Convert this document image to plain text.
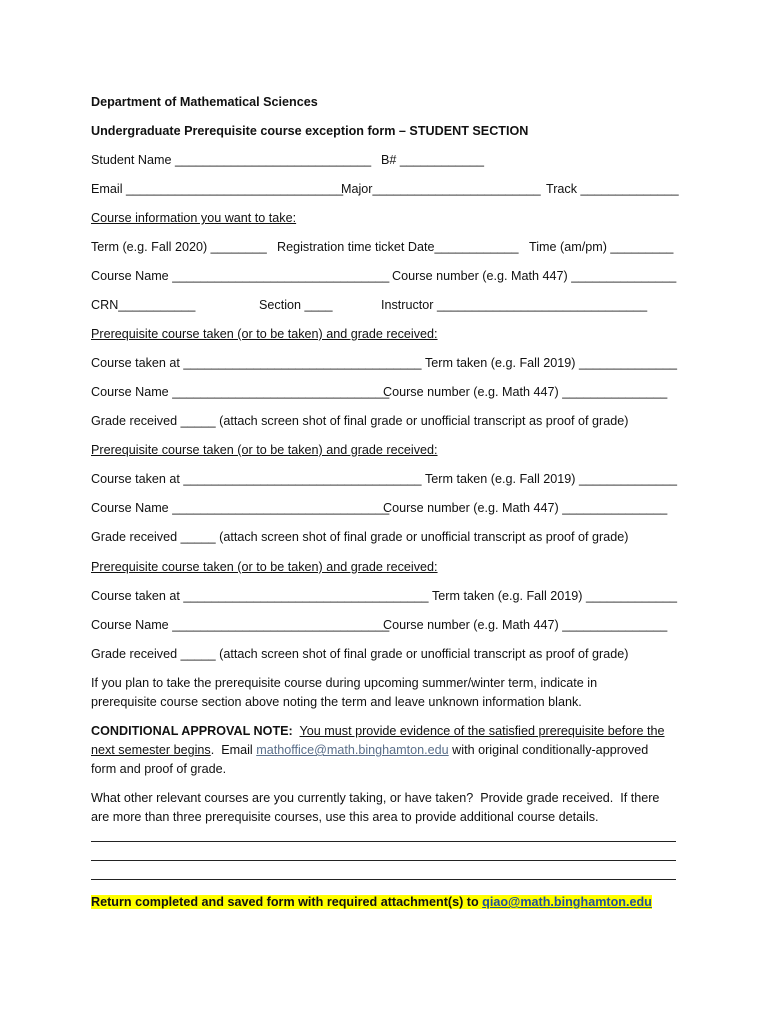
Department of Mathematical Sciences
Undergraduate Prerequisite course exception form – STUDENT SECTION
Student Name ____________________________ B# ____________
Email _______________________________
Major________________________ Track ______________
Course information you want to take:
Term (e.g. Fall 2020) ________ Registration time ticket Date____________ Time (am/pm) _________
Course Name _______________________________ Course number (e.g. Math 447) _______________
CRN___________	Section ____	Instructor ______________________________
Prerequisite course taken (or to be taken) and grade received:
Course taken at __________________________________ Term taken (e.g. Fall 2019) ______________
Course Name _______________________________
Course number (e.g. Math 447) _______________
Grade received _____ (attach screen shot of final grade or unofficial transcript as proof of grade)
Prerequisite course taken (or to be taken) and grade received:
Course taken at __________________________________ Term taken (e.g. Fall 2019) ______________
Course Name _______________________________
Course number (e.g. Math 447) _______________
Grade received _____ (attach screen shot of final grade or unofficial transcript as proof of grade)
Prerequisite course taken (or to be taken) and grade received:
Course taken at ___________________________________ Term taken (e.g. Fall 2019) _____________
Course Name _______________________________
Course number (e.g. Math 447) _______________
Grade received _____ (attach screen shot of final grade or unofficial transcript as proof of grade)
If you plan to take the prerequisite course during upcoming summer/winter term, indicate in
prerequisite course section above noting the term and leave unknown information blank.
CONDITIONAL APPROVAL NOTE: You must provide evidence of the satisfied prerequisite before the
next semester begins.  Email mathoffice@math.binghamton.edu with original conditionally-approved
form and proof of grade.
What other relevant courses are you currently taking, or have taken?  Provide grade received.  If there
are more than three prerequisite courses, use this area to provide additional course details.
Return completed and saved form with required attachment(s) to qiao@math.binghamton.edu
